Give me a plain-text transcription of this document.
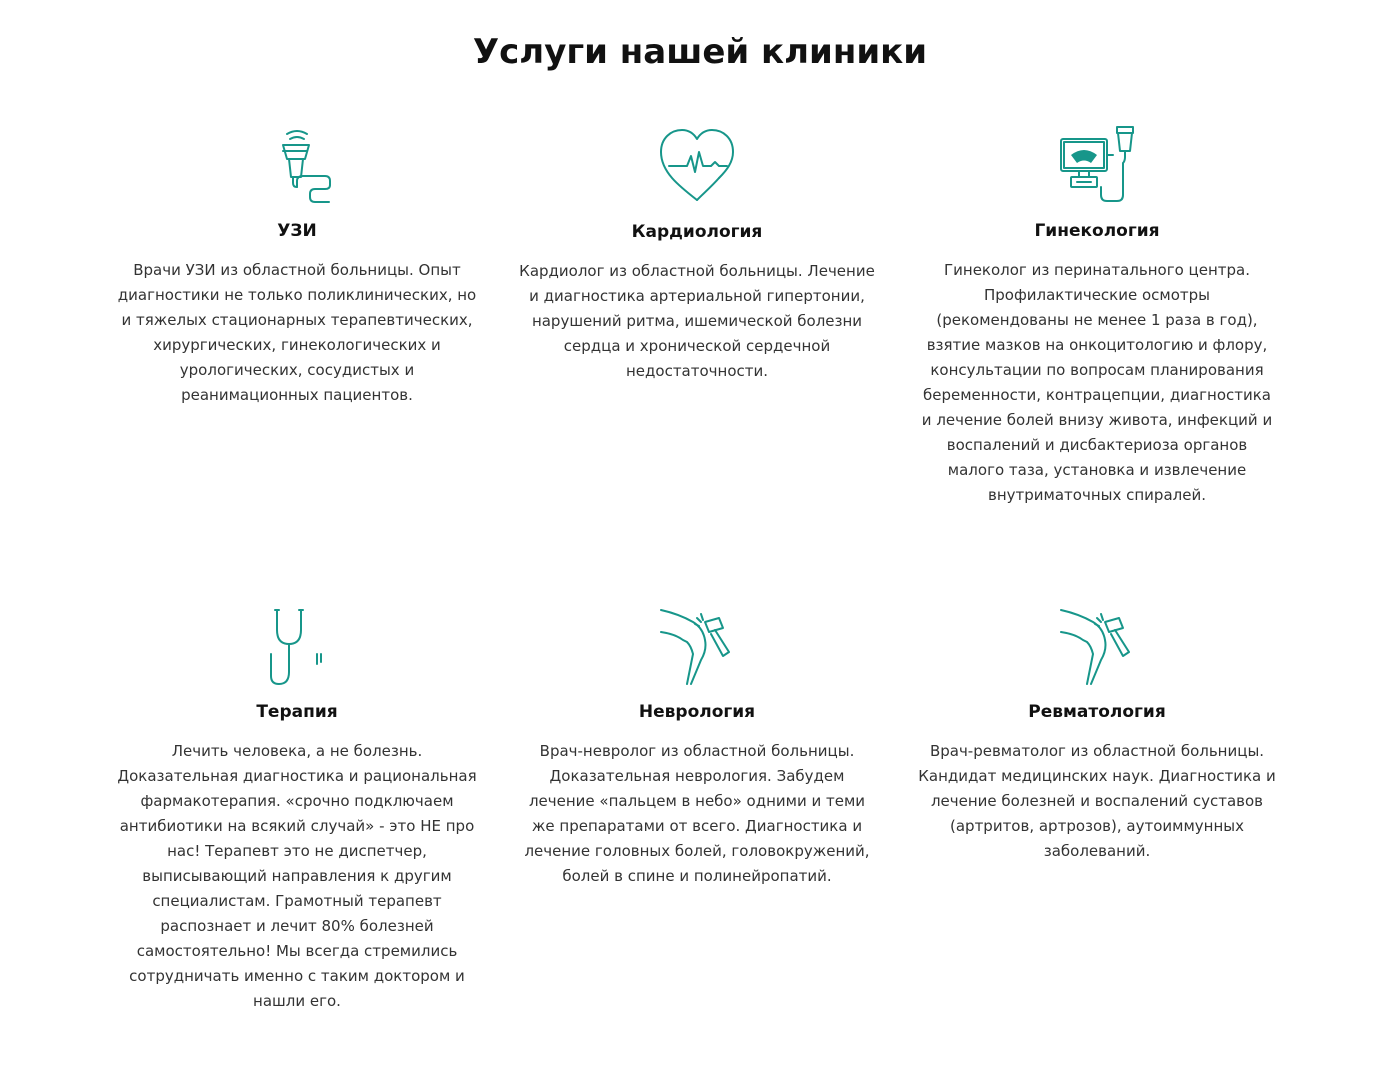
Услуги нашей клиники
УЗИ
Врачи УЗИ из областной больницы. Опыт диагностики не только поликлинических, но и тяжелых стационарных терапевтических, хирургических, гинекологических и урологических, сосудистых и реанимационных пациентов.
Кардиология
Кардиолог из областной больницы. Лечение и диагностика артериальной гипертонии, нарушений ритма, ишемической болезни сердца и хронической сердечной недостаточности.
Гинекология
Гинеколог из перинатального центра. Профилактические осмотры (рекомендованы не менее 1 раза в год), взятие мазков на онкоцитологию и флору, консультации по вопросам планирования беременности, контрацепции, диагностика и лечение болей внизу живота, инфекций и воспалений и дисбактериоза органов малого таза, установка и извлечение внутриматочных спиралей.
Терапия
Лечить человека, а не болезнь. Доказательная диагностика и рациональная фармакотерапия. «срочно подключаем антибиотики на всякий случай» - это НЕ про нас! Терапевт это не диспетчер, выписывающий направления к другим специалистам. Грамотный терапевт распознает и лечит 80% болезней самостоятельно! Мы всегда стремились сотрудничать именно с таким доктором и нашли его.
Неврология
Врач-невролог из областной больницы. Доказательная неврология. Забудем лечение «пальцем в небо» одними и теми же препаратами от всего. Диагностика и лечение головных болей, головокружений, болей в спине и полинейропатий.
Ревматология
Врач-ревматолог из областной больницы. Кандидат медицинских наук. Диагностика и лечение болезней и воспалений суставов (артритов, артрозов), аутоиммунных заболеваний.
